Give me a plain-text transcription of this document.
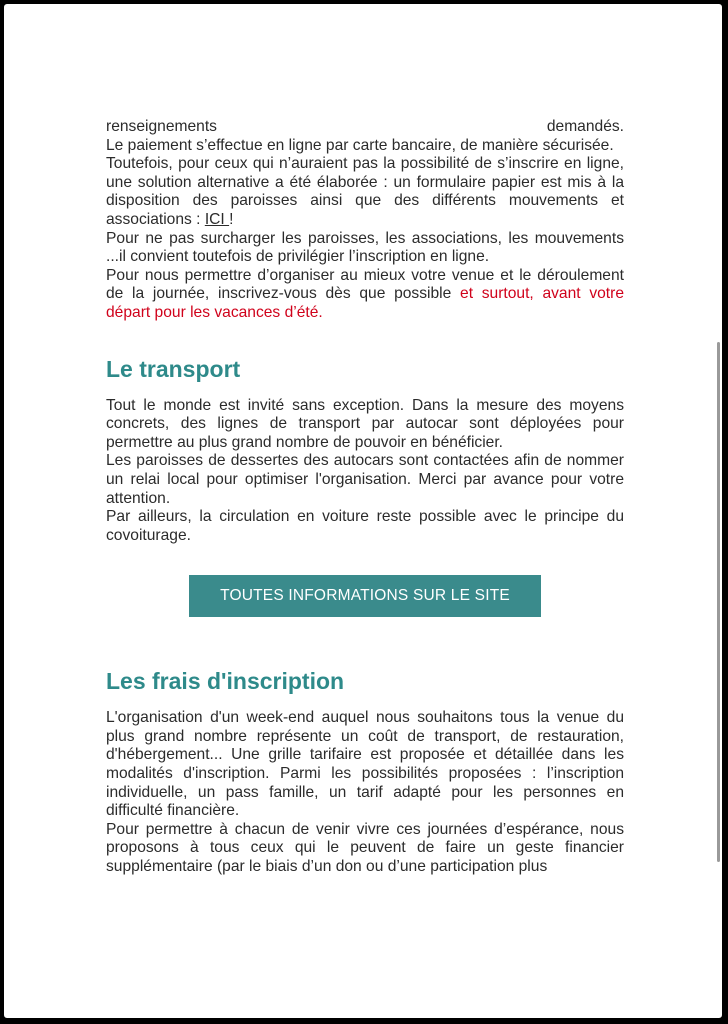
renseignements	demandés.

Le paiement s’effectue en ligne par carte bancaire, de manière sécurisée.

Toutefois, pour ceux qui n’auraient pas la possibilité de s’inscrire en ligne, une solution alternative a été élaborée : un formulaire papier est mis à la disposition des paroisses ainsi que des différents mouvements et associations : ICI !

Pour ne pas surcharger les paroisses, les associations, les mouvements ...il convient toutefois de privilégier l’inscription en ligne.

Pour nous permettre d’organiser au mieux votre venue et le déroulement de la journée, inscrivez-vous dès que possible et surtout, avant votre départ pour les vacances d’été.

Le transport

Tout le monde est invité sans exception. Dans la mesure des moyens concrets, des lignes de transport par autocar sont déployées pour permettre au plus grand nombre de pouvoir en bénéficier.

Les paroisses de dessertes des autocars sont contactées afin de nommer un relai local pour optimiser l'organisation. Merci par avance pour votre attention.

Par ailleurs, la circulation en voiture reste possible avec le principe du covoiturage.

TOUTES INFORMATIONS SUR LE SITE
Les frais d'inscription

L'organisation d'un week-end auquel nous souhaitons tous la venue du plus grand nombre représente un coût de transport, de restauration, d'hébergement... Une grille tarifaire est proposée et détaillée dans les modalités d'inscription. Parmi les possibilités proposées : l’inscription individuelle, un pass famille, un tarif adapté pour les personnes en difficulté financière.

Pour permettre à chacun de venir vivre ces journées d’espérance, nous proposons à tous ceux qui le peuvent de faire un geste financier supplémentaire (par le biais d’un don ou d’une participation plus
